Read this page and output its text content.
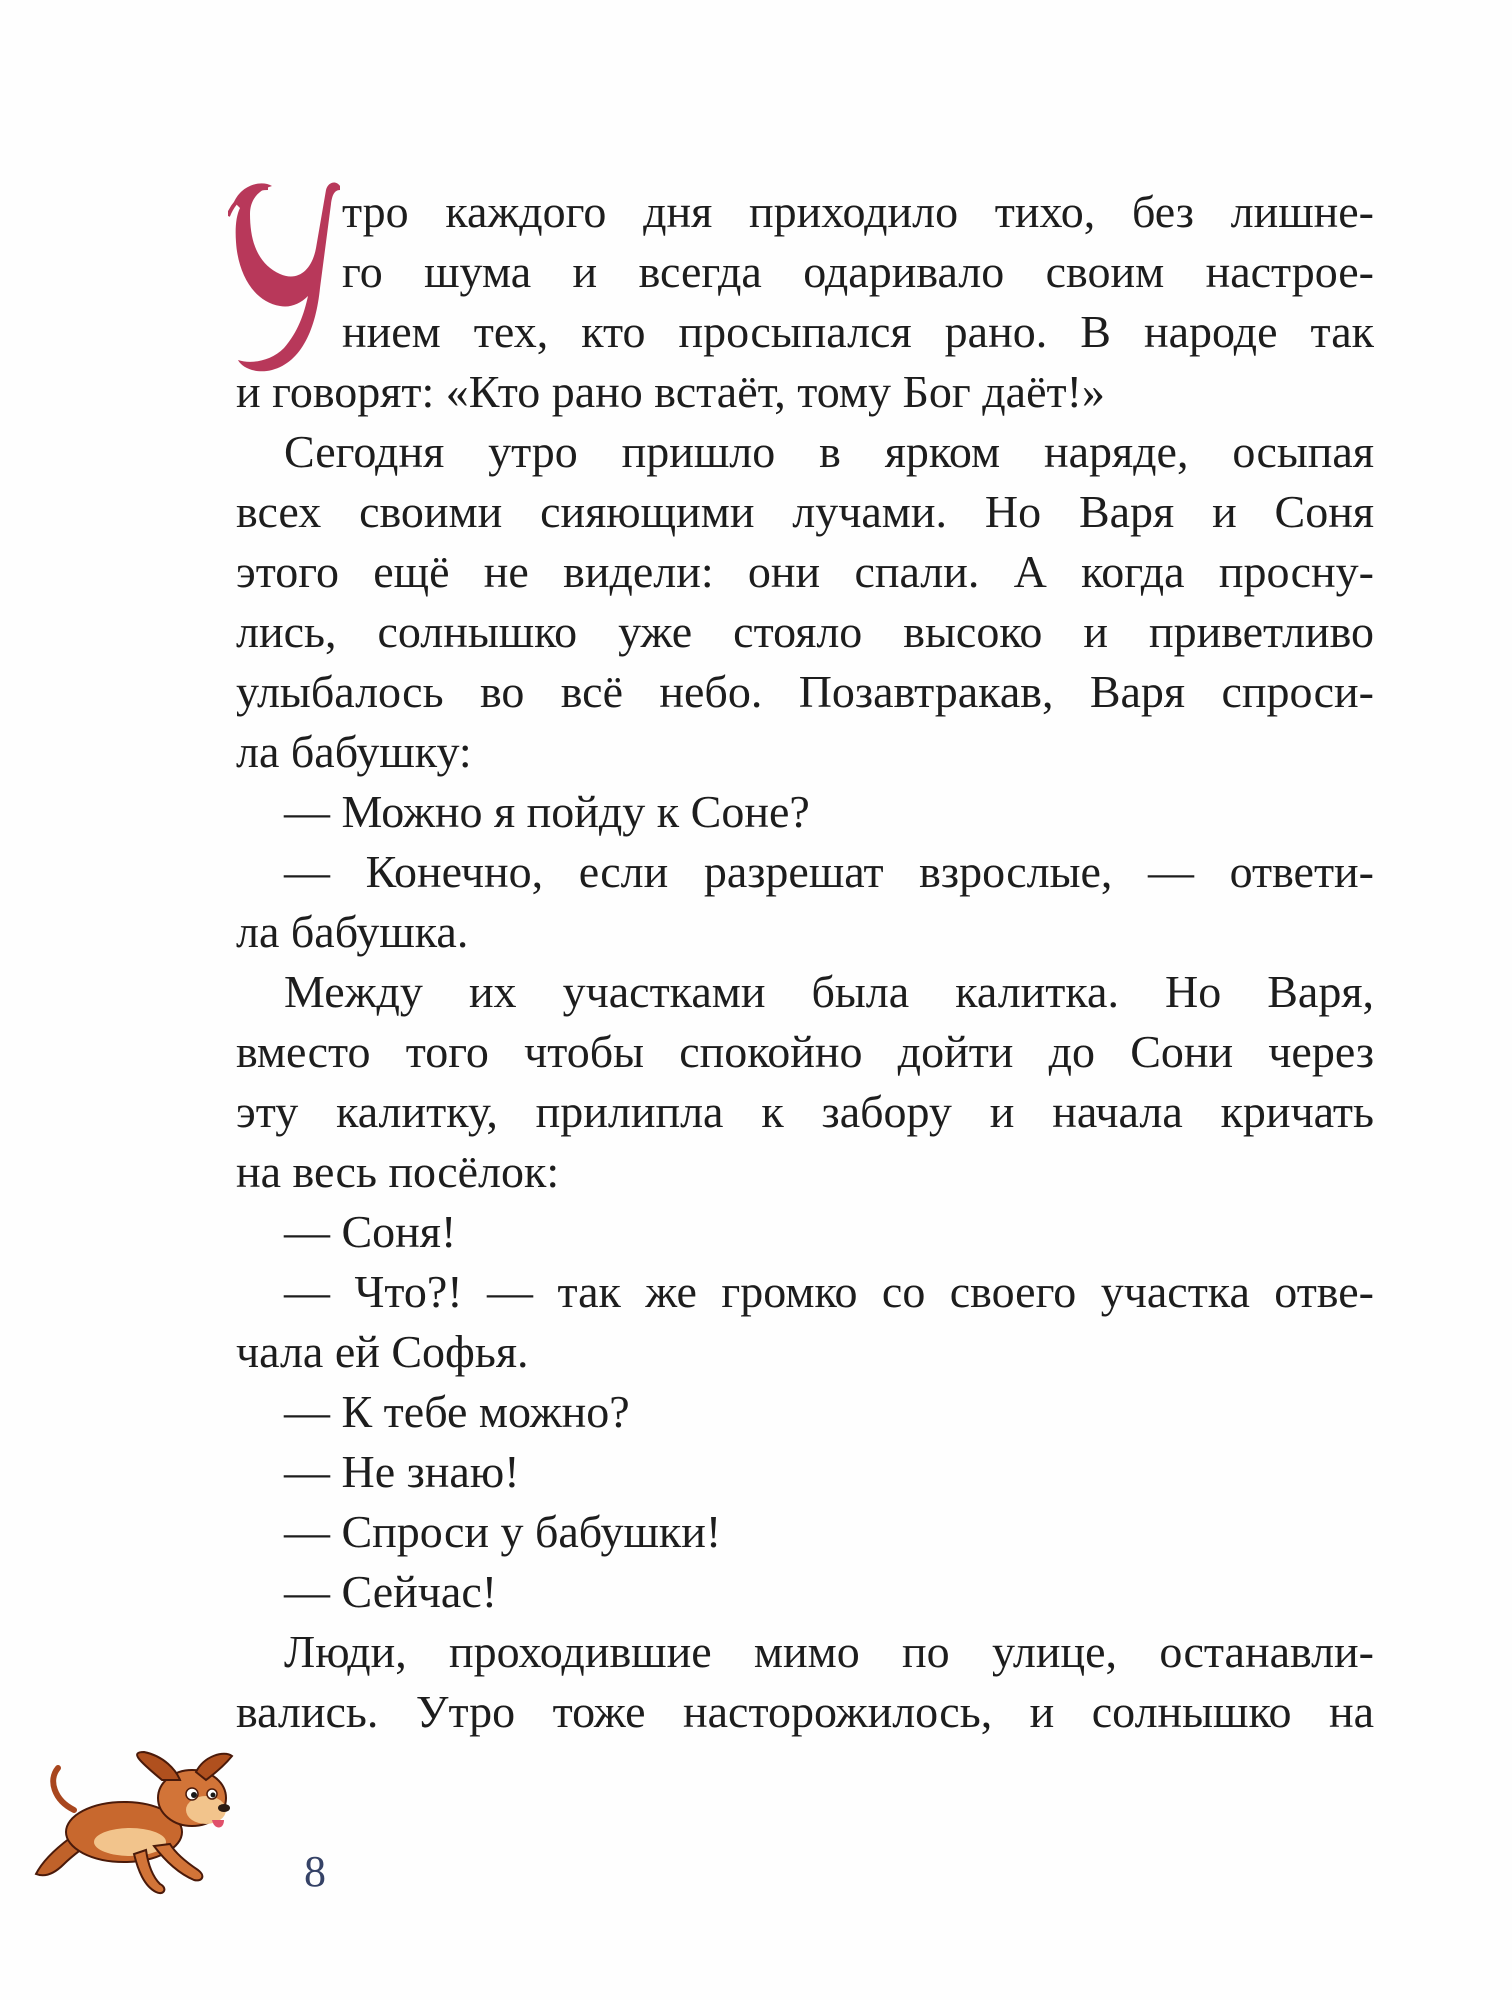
тро каждого дня приходило тихо, без лишне-
го шума и всегда одаривало своим настрое-
нием тех, кто просыпался рано. В народе так
и говорят: «Кто рано встаёт, тому Бог даёт!»
Сегодня утро пришло в ярком наряде, осыпая
всех своими сияющими лучами. Но Варя и Соня
этого ещё не видели: они спали. А когда просну-
лись, солнышко уже стояло высоко и приветливо
улыбалось во всё небо. Позавтракав, Варя спроси-
ла бабушку:
— Можно я пойду к Соне?
— Конечно, если разрешат взрослые, — ответи-
ла бабушка.
Между их участками была калитка. Но Варя,
вместо того чтобы спокойно дойти до Сони через
эту калитку, прилипла к забору и начала кричать
на весь посёлок:
— Соня!
— Что?! — так же громко со своего участка отве-
чала ей Софья.
— К тебе можно?
— Не знаю!
— Спроси у бабушки!
— Сейчас!
Люди, проходившие мимо по улице, останавли-
вались. Утро тоже насторожилось, и солнышко на
8
